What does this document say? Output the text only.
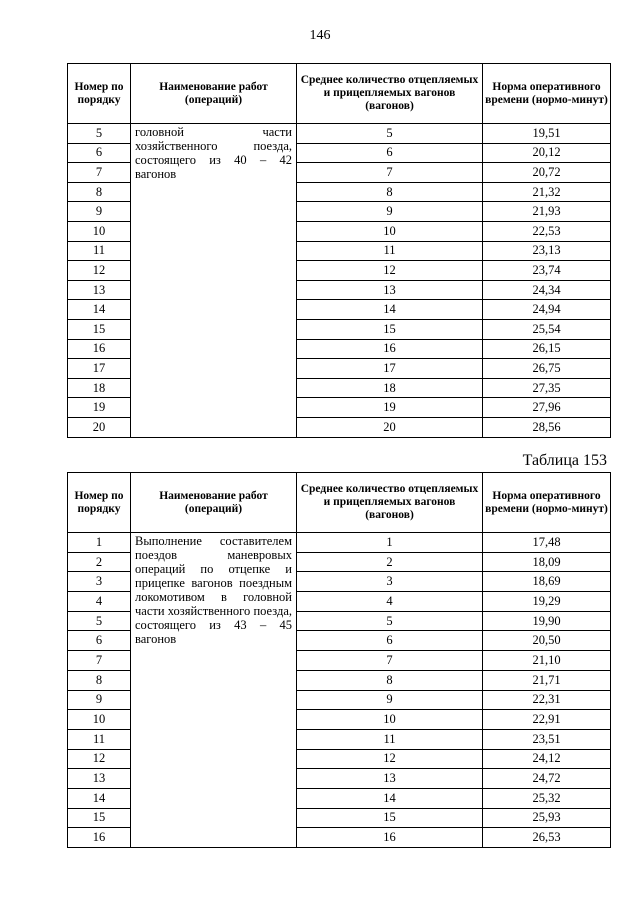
146
Номер по порядку	Наименование работ (операций)	Среднее количество отцепляемых и прицепляемых вагонов (вагонов)	Норма оперативного времени (нормо-минут)
5	головной части хозяйственного поезда, состоящего из 40 – 42 вагонов	5	19,51
6		6	20,12
7		7	20,72
8		8	21,32
9		9	21,93
10		10	22,53
11		11	23,13
12		12	23,74
13		13	24,34
14		14	24,94
15		15	25,54
16		16	26,15
17		17	26,75
18		18	27,35
19		19	27,96
20		20	28,56
Таблица 153
Номер по порядку	Наименование работ (операций)	Среднее количество отцепляемых и прицепляемых вагонов (вагонов)	Норма оперативного времени (нормо-минут)
1	Выполнение составителем поездов маневровых операций по отцепке и прицепке вагонов поездным локомотивом в головной части хозяйственного поезда, состоящего из 43 – 45 вагонов	1	17,48
2		2	18,09
3		3	18,69
4		4	19,29
5		5	19,90
6		6	20,50
7		7	21,10
8		8	21,71
9		9	22,31
10		10	22,91
11		11	23,51
12		12	24,12
13		13	24,72
14		14	25,32
15		15	25,93
16		16	26,53
